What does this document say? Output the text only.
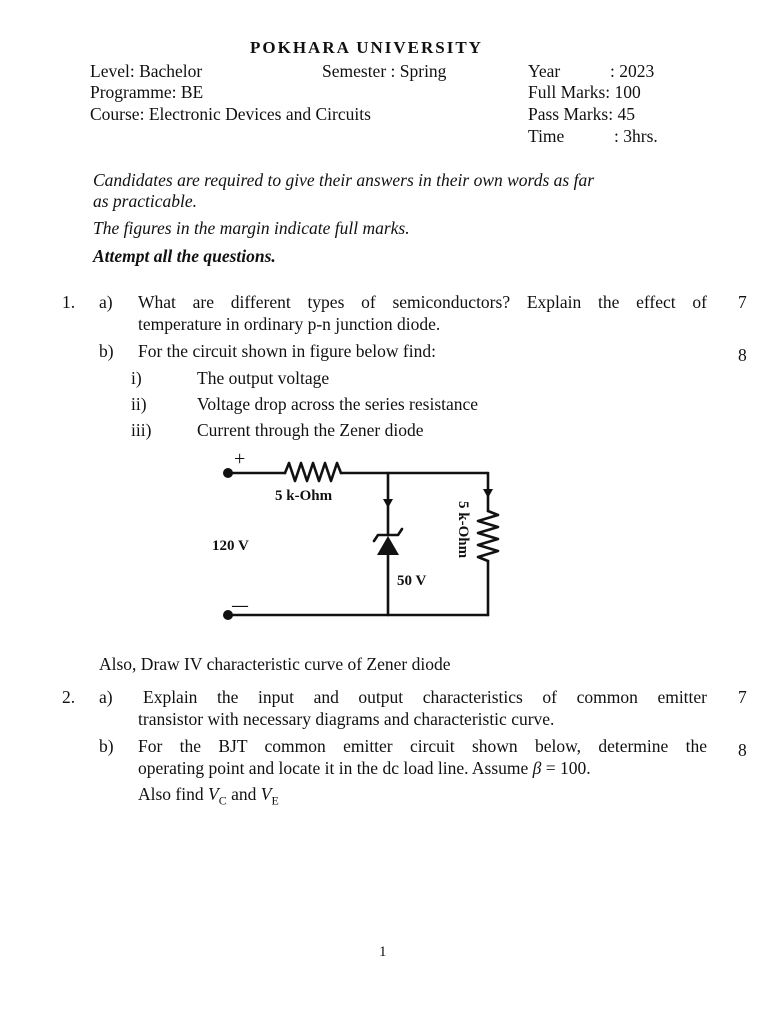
POKHARA UNIVERSITY
Level: Bachelor	Semester : Spring	Year	: 2023
Programme: BE	Full Marks: 100
Course: Electronic Devices and Circuits	Pass Marks: 45
Time	: 3hrs.
Candidates are required to give their answers in their own words as far
as practicable.
The figures in the margin indicate full marks.
Attempt all the questions.
1. a) What are different types of semiconductors? Explain the effect of 7
temperature in ordinary p-n junction diode.
b) For the circuit shown in figure below find:	8
i)	The output voltage
ii)	Voltage drop across the series resistance
iii)	Current through the Zener diode
+
—
5 k-Ohm
120 V
50 V
5 k-Ohm
Also, Draw IV characteristic curve of Zener diode
2. a) Explain the input and output characteristics of common emitter 7
transistor with necessary diagrams and characteristic curve.
b) For the BJT common emitter circuit shown below, determine the 8
operating point and locate it in the dc load line. Assume β = 100.
Also find $V_C$ and $V_E$
1
